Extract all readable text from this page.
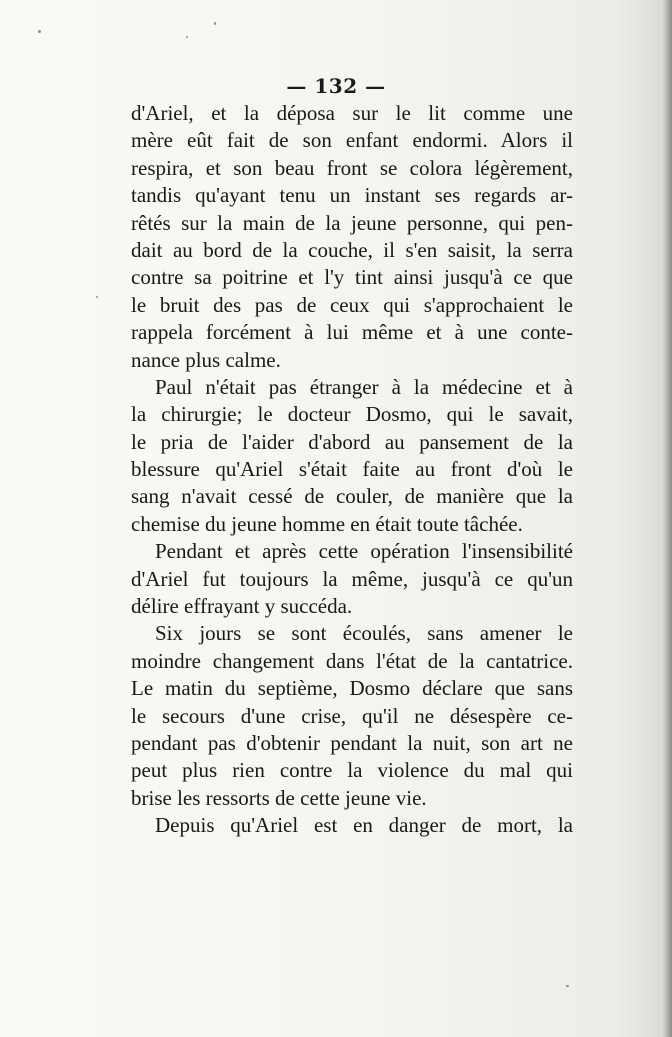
— 132 —
d'Ariel, et la déposa sur le lit comme une
mère eût fait de son enfant endormi. Alors il
respira, et son beau front se colora légèrement,
tandis qu'ayant tenu un instant ses regards ar-
rêtés sur la main de la jeune personne, qui pen-
dait au bord de la couche, il s'en saisit, la serra
contre sa poitrine et l'y tint ainsi jusqu'à ce que
le bruit des pas de ceux qui s'approchaient le
rappela forcément à lui même et à une conte-
nance plus calme.
Paul n'était pas étranger à la médecine et à
la chirurgie; le docteur Dosmo, qui le savait,
le pria de l'aider d'abord au pansement de la
blessure qu'Ariel s'était faite au front d'où le
sang n'avait cessé de couler, de manière que la
chemise du jeune homme en était toute tâchée.
Pendant et après cette opération l'insensibilité
d'Ariel fut toujours la même, jusqu'à ce qu'un
délire effrayant y succéda.
Six jours se sont écoulés, sans amener le
moindre changement dans l'état de la cantatrice.
Le matin du septième, Dosmo déclare que sans
le secours d'une crise, qu'il ne désespère ce-
pendant pas d'obtenir pendant la nuit, son art ne
peut plus rien contre la violence du mal qui
brise les ressorts de cette jeune vie.
Depuis qu'Ariel est en danger de mort, la
